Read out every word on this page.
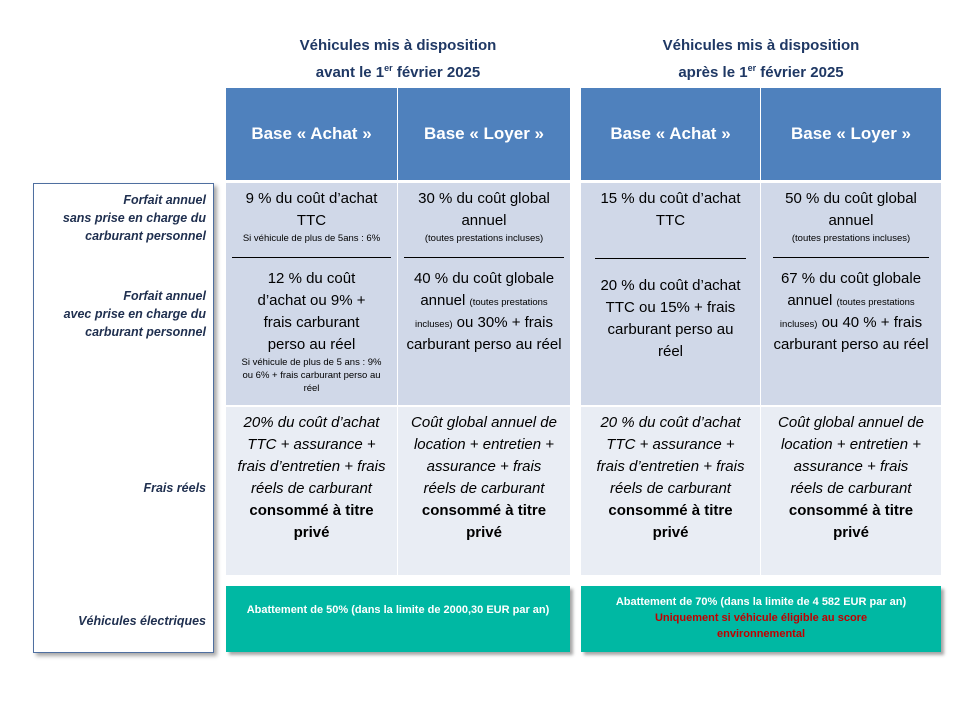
Véhicules mis à disposition
avant le 1er février 2025
Véhicules mis à disposition
après le 1er février 2025
Forfait annuel
sans prise en charge du
carburant personnel
Forfait annuel
avec prise en charge du
carburant personnel
Frais réels
Véhicules électriques
Base « Achat »	Base « Loyer »
9 % du coût d’achat TTC
Si véhicule de plus de 5ans : 6%
12 % du coût d’achat ou 9% + frais carburant perso au réel
Si véhicule de plus de 5 ans : 9% ou 6% + frais carburant perso au réel
30 % du coût global annuel
(toutes prestations incluses)
40 % du coût globale annuel (toutes prestations incluses) ou 30% + frais carburant perso au réel
20% du coût d’achat TTC + assurance + frais d’entretien + frais réels de carburant consommé à titre privé
Coût global annuel de location + entretien + assurance + frais réels de carburant consommé à titre privé
Abattement de 50% (dans la limite de 2000,30 EUR par an)
Base « Achat »	Base « Loyer »
15 % du coût d’achat TTC
20 % du coût d’achat TTC ou 15% + frais carburant perso au réel
50 % du coût global annuel
(toutes prestations incluses)
67 % du coût globale annuel (toutes prestations incluses) ou 40 % + frais carburant perso au réel
20 % du coût d’achat TTC + assurance + frais d’entretien + frais réels de carburant consommé à titre privé
Coût global annuel de location + entretien + assurance + frais réels de carburant consommé à titre privé
Abattement de 70% (dans la limite de 4 582 EUR par an)
Uniquement si véhicule éligible au score environnemental
